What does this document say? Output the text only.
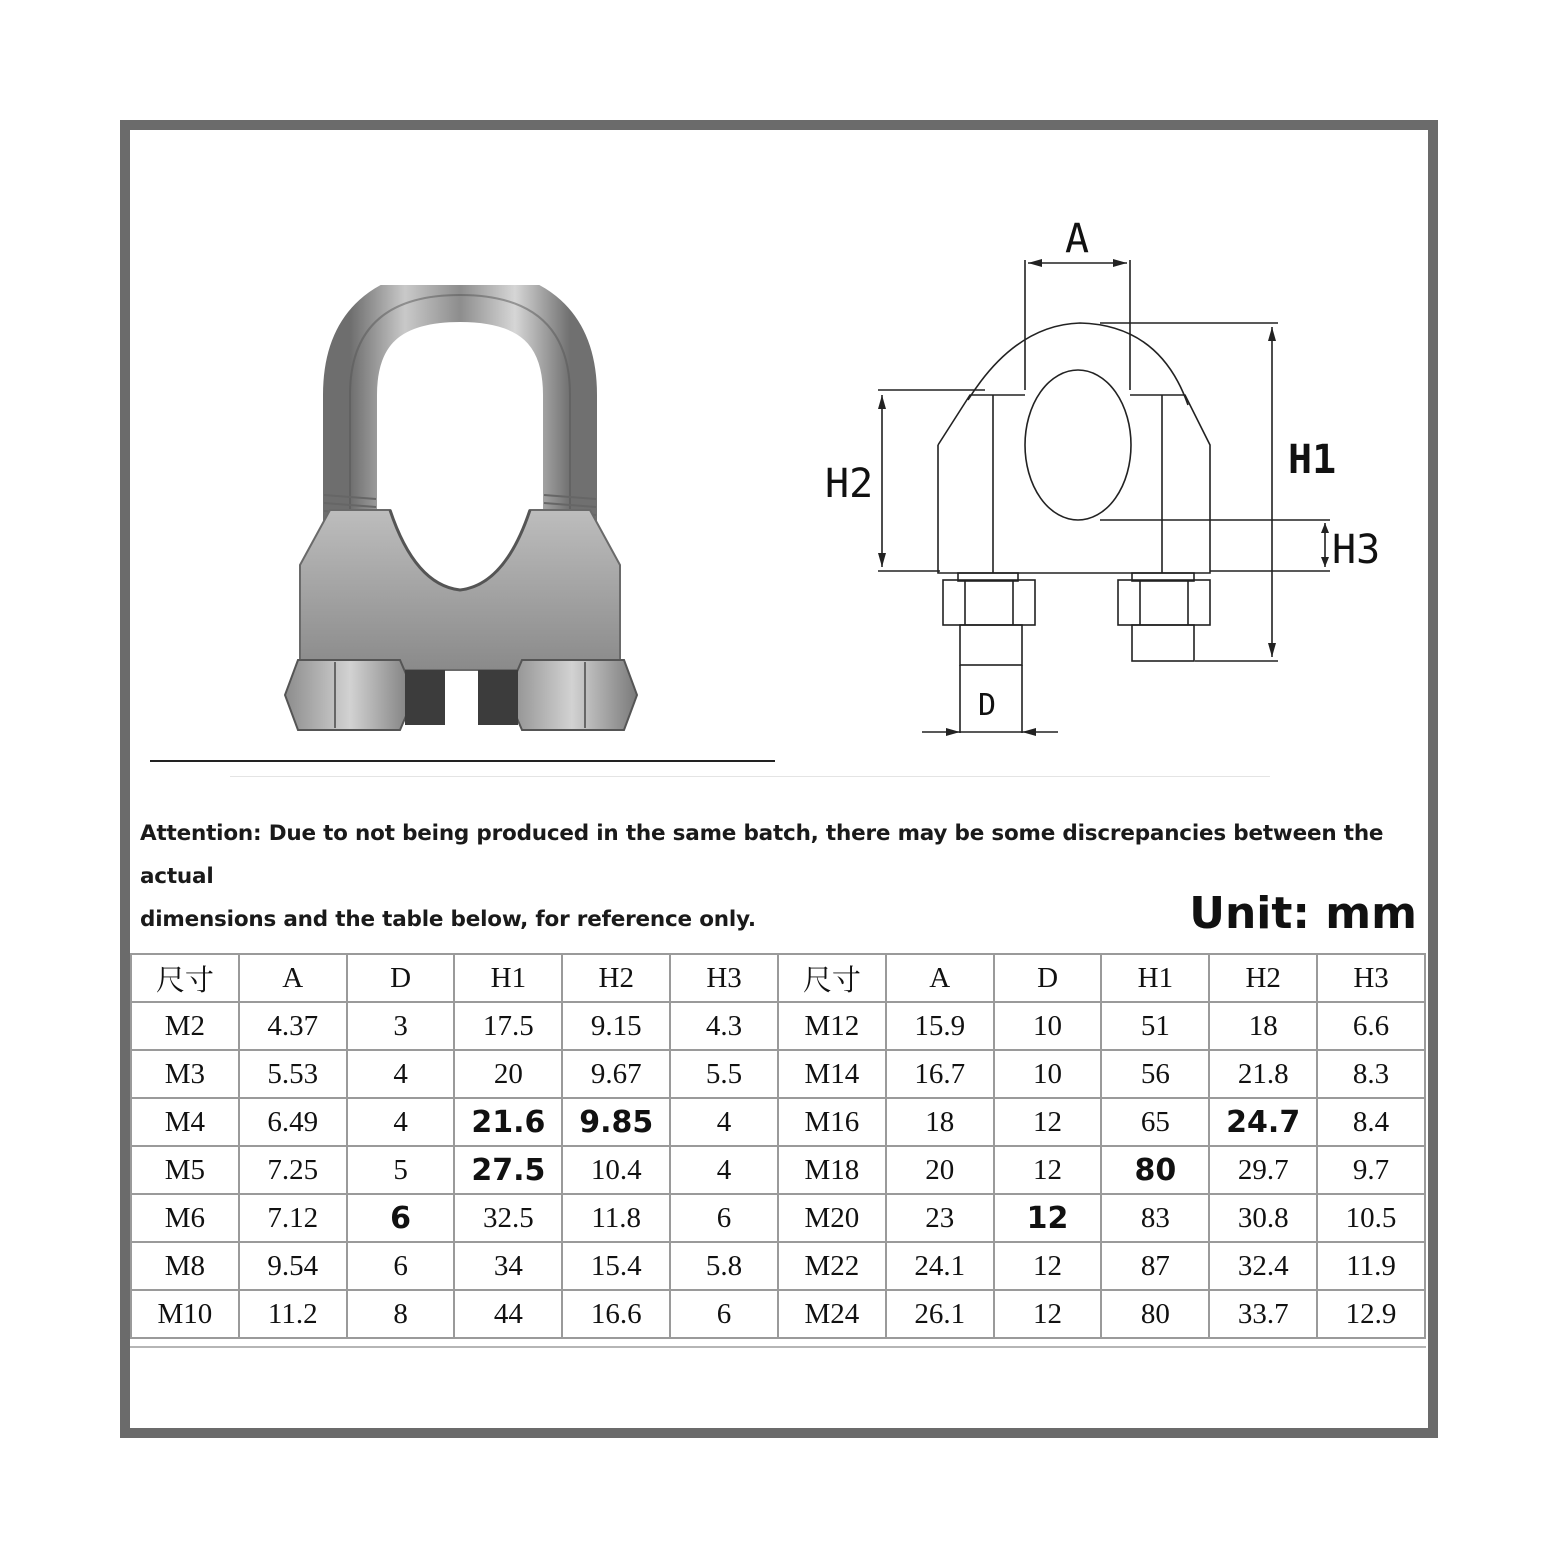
A
H2
H1
H3
D

Attention: Due to not being produced in the same batch, there may be some discrepancies between the actual
dimensions and the table below, for reference only.	Unit: mm

尺寸	A	D	H1	H2	H3	尺寸	A	D	H1	H2	H3
M2	4.37	3	17.5	9.15	4.3	M12	15.9	10	51	18	6.6
M3	5.53	4	20	9.67	5.5	M14	16.7	10	56	21.8	8.3
M4	6.49	4	21.6	9.85	4	M16	18	12	65	24.7	8.4
M5	7.25	5	27.5	10.4	4	M18	20	12	80	29.7	9.7
M6	7.12	6	32.5	11.8	6	M20	23	12	83	30.8	10.5
M8	9.54	6	34	15.4	5.8	M22	24.1	12	87	32.4	11.9
M10	11.2	8	44	16.6	6	M24	26.1	12	80	33.7	12.9
